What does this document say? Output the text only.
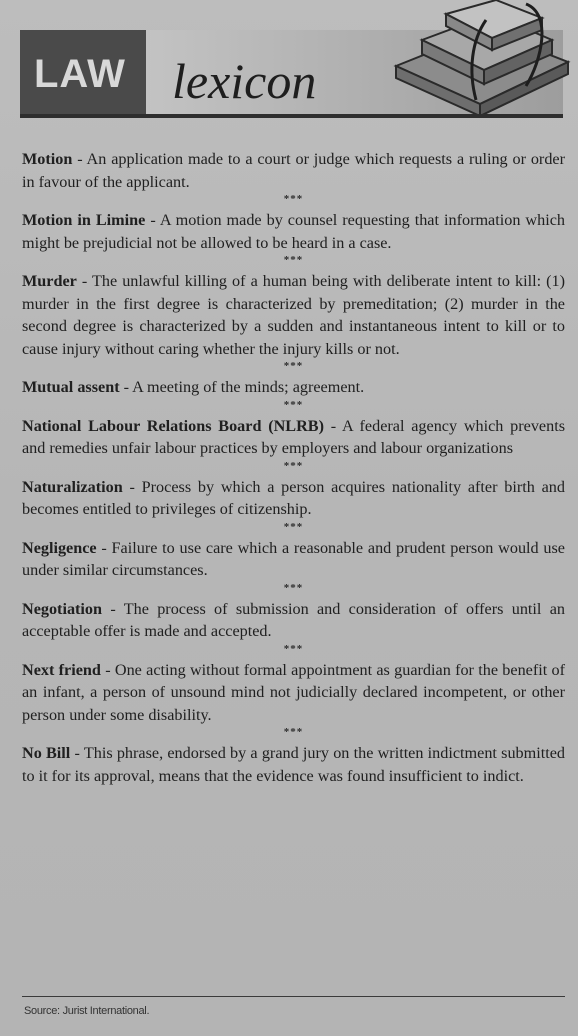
LAW lexicon

Motion - An application made to a court or judge which requests a ruling or order in favour of the applicant.

***

Motion in Limine - A motion made by counsel requesting that information which might be prejudicial not be allowed to be heard in a case.

***

Murder - The unlawful killing of a human being with deliberate intent to kill: (1) murder in the first degree is characterized by premeditation; (2) murder in the second degree is characterized by a sudden and instantaneous intent to kill or to cause injury without caring whether the injury kills or not.

***

Mutual assent - A meeting of the minds; agreement.

***

National Labour Relations Board (NLRB) - A federal agency which prevents and remedies unfair labour practices by employers and labour organizations

***

Naturalization - Process by which a person acquires nationality after birth and becomes entitled to privileges of citizenship.

***

Negligence - Failure to use care which a reasonable and prudent person would use under similar circumstances.

***

Negotiation - The process of submission and consideration of offers until an acceptable offer is made and accepted.

***

Next friend - One acting without formal appointment as guardian for the benefit of an infant, a person of unsound mind not judicially declared incompetent, or other person under some disability.

***

No Bill - This phrase, endorsed by a grand jury on the written indictment submitted to it for its approval, means that the evidence was found insufficient to indict.

Source: Jurist International.
